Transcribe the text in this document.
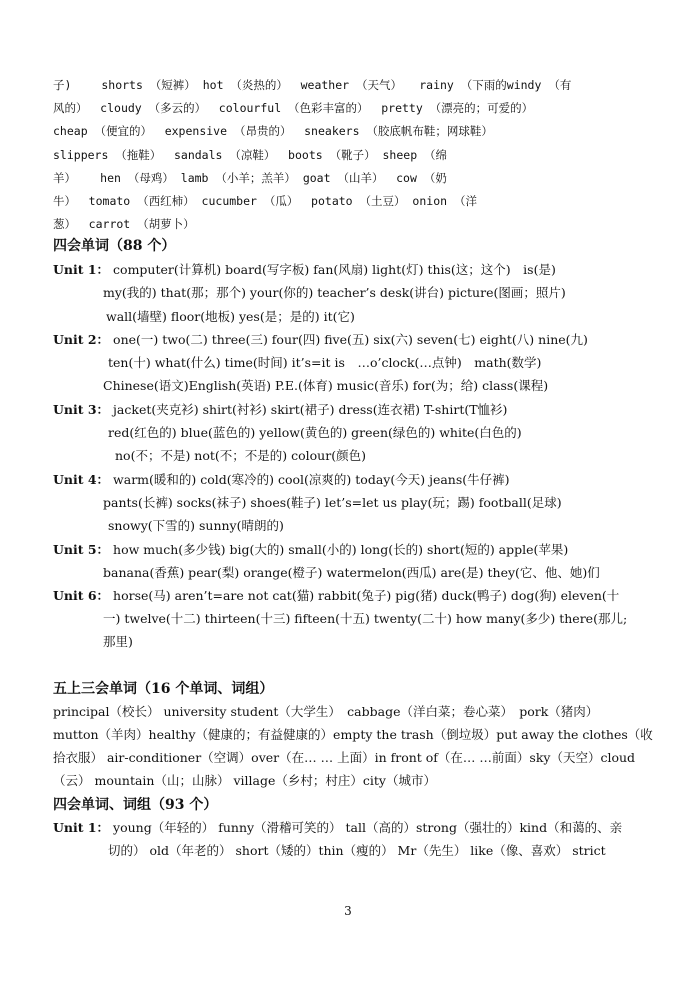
子)　　 shorts （短裤） hot （炎热的）　 weather （天气）　　rainy （下雨的windy （有
风的）　 cloudy （多云的）　 colourful （色彩丰富的）　 pretty （漂亮的；可爱的）
cheap （便宜的）　 expensive （昂贵的）　 sneakers （胶底帆布鞋；网球鞋）
slippers （拖鞋）　 sandals （凉鞋）　 boots （靴子） sheep （绵
羊）　　 hen （母鸡） lamb （小羊；羔羊） goat （山羊）　 cow （奶
牛）　 tomato （西红柿） cucumber （瓜）　 potato （土豆） onion （洋
葱）　 carrot （胡萝卜）
四会单词（88 个）
Unit 1： computer(计算机) board(写字板) fan(风扇) light(灯) this(这；这个)　is(是)
my(我的) that(那；那个) your(你的) teacher’s desk(讲台) picture(图画；照片)
wall(墙壁) floor(地板) yes(是；是的) it(它)
Unit 2： one(一) two(二) three(三) four(四) five(五) six(六) seven(七) eight(八) nine(九)
ten(十) what(什么) time(时间) it’s=it is　…o’clock(…点钟)　math(数学)
Chinese(语文)English(英语) P.E.(体育) music(音乐) for(为；给) class(课程)
Unit 3： jacket(夹克衫) shirt(衬衫) skirt(裙子) dress(连衣裙) T-shirt(T恤衫)
red(红色的) blue(蓝色的) yellow(黄色的) green(绿色的) white(白色的)
no(不；不是) not(不；不是的) colour(颜色)
Unit 4： warm(暖和的) cold(寒冷的) cool(凉爽的) today(今天) jeans(牛仔裤)
pants(长裤) socks(袜子) shoes(鞋子) let’s=let us play(玩；踢) football(足球)
snowy(下雪的) sunny(晴朗的)
Unit 5： how much(多少钱) big(大的) small(小的) long(长的) short(短的) apple(苹果)
banana(香蕉) pear(梨) orange(橙子) watermelon(西瓜) are(是) they(它、他、她)们
Unit 6： horse(马) aren’t=are not cat(猫) rabbit(兔子) pig(猪) duck(鸭子) dog(狗) eleven(十
一) twelve(十二) thirteen(十三) fifteen(十五) twenty(二十) how many(多少) there(那儿;
那里)
五上三会单词（16 个单词、词组）
principal（校长） university student（大学生）　cabbage（洋白菜；卷心菜）　pork（猪肉）
mutton（羊肉）healthy（健康的；有益健康的）empty the trash（倒垃圾）put away the clothes（收
拾衣服） air-conditioner（空调）over（在… … 上面）in front of（在… …前面）sky（天空）cloud
（云） mountain（山；山脉） village（乡村；村庄）city（城市）
四会单词、词组（93 个）
Unit 1： young（年轻的） funny（滑稽可笑的） tall（高的）strong（强壮的）kind（和蔼的、亲
切的） old（年老的） short（矮的）thin（瘦的） Mr（先生） like（像、喜欢） strict
3
